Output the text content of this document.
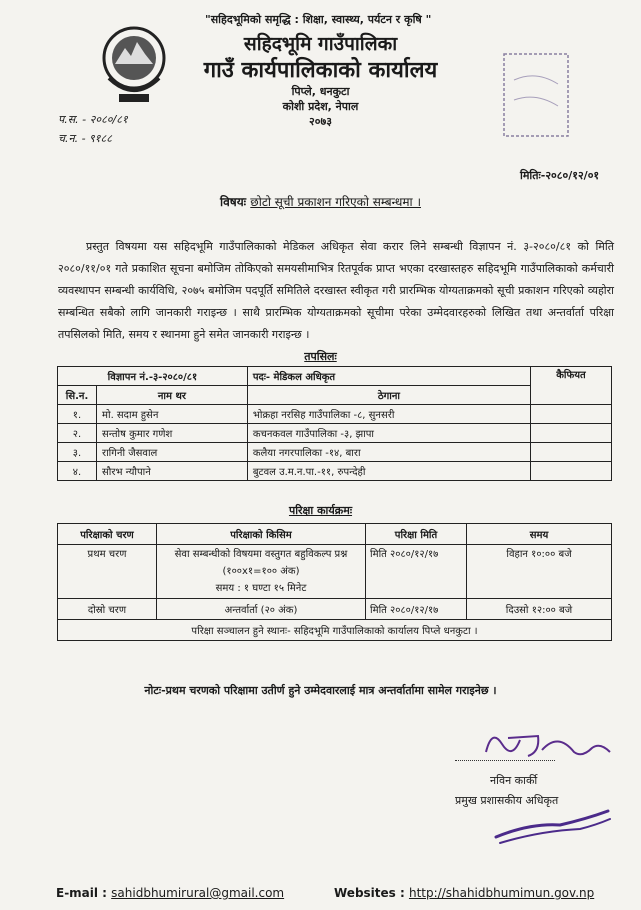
"सहिदभूमिको समृद्धि : शिक्षा, स्वास्थ्य, पर्यटन र कृषि "
सहिदभूमि गाउँपालिका
गाउँ कार्यपालिकाको कार्यालय
पिप्ले, धनकुटा
कोशी प्रदेश, नेपाल
२०७३
प.स. - २०८०/८१
च.न. - ९१८८
मितिः-२०८०/१२/०१
विषयः छोटो सूची प्रकाशन गरिएको सम्बन्धमा ।
प्रस्तुत विषयमा यस सहिदभूमि गाउँपालिकाको मेडिकल अधिकृत सेवा करार लिने सम्बन्धी विज्ञापन नं. ३-२०८०/८१ को मिति २०८०/११/०१ गते प्रकाशित सूचना बमोजिम तोकिएको समयसीमाभित्र रितपूर्वक प्राप्त भएका दरखास्तहरु सहिदभूमि गाउँपालिकाको कर्मचारी व्यवस्थापन सम्बन्धी कार्यविधि, २०७५ बमोजिम पदपूर्ति समितिले दरखास्त स्वीकृत गरी प्रारम्भिक योग्यताक्रमको सूची प्रकाशन गरिएको व्यहोरा सम्बन्धित सबैको लागि जानकारी गराइन्छ । साथै प्रारम्भिक योग्यताक्रमको सूचीमा परेका उम्मेदवारहरुको लिखित तथा अन्तर्वार्ता परिक्षा तपसिलको मिति, समय र स्थानमा हुने समेत जानकारी गराइन्छ ।
तपसिलः
विज्ञापन नं.-३-२०८०/८१		पदः- मेडिकल अधिकृत	कैफियत
सि.न.	नाम थर	ठेगाना	
१.	मो. सदाम हुसेन	भोक्रहा नरसिह गाउँपालिका -८, सुनसरी	
२.	सन्तोष कुमार गणेश	कचनकवल गाउँपालिका -३, झापा	
३.	रागिनी जैसवाल	कलैया नगरपालिका -१४, बारा	
४.	सौरभ न्यौपाने	बुटवल उ.म.न.पा.-११, रुपन्देही	
परिक्षा कार्यक्रमः
परिक्षाको चरण	परिक्षाको किसिम	परिक्षा मिति	समय
प्रथम चरण	सेवा सम्बन्धीको विषयमा वस्तुगत बहुविकल्प प्रश्न
(१००x१=१०० अंक)
समय : १ घण्टा १५ मिनेट	मिति २०८०/१२/१७	विहान १०:०० बजे
दोस्रो चरण	अन्तर्वार्ता (२० अंक)	मिति २०८०/१२/१७	दिउसो १२:०० बजे
परिक्षा सञ्चालन हुने स्थानः- सहिदभूमि गाउँपालिकाको कार्यालय पिप्ले धनकुटा ।			
नोटः-प्रथम चरणको परिक्षामा उतीर्ण हुने उम्मेदवारलाई मात्र अन्तर्वार्तामा सामेल गराइनेछ ।
नविन कार्की
प्रमुख प्रशासकीय अधिकृत
E-mail : sahidbhumirural@gmail.com	Websites : http://shahidbhumimun.gov.np
